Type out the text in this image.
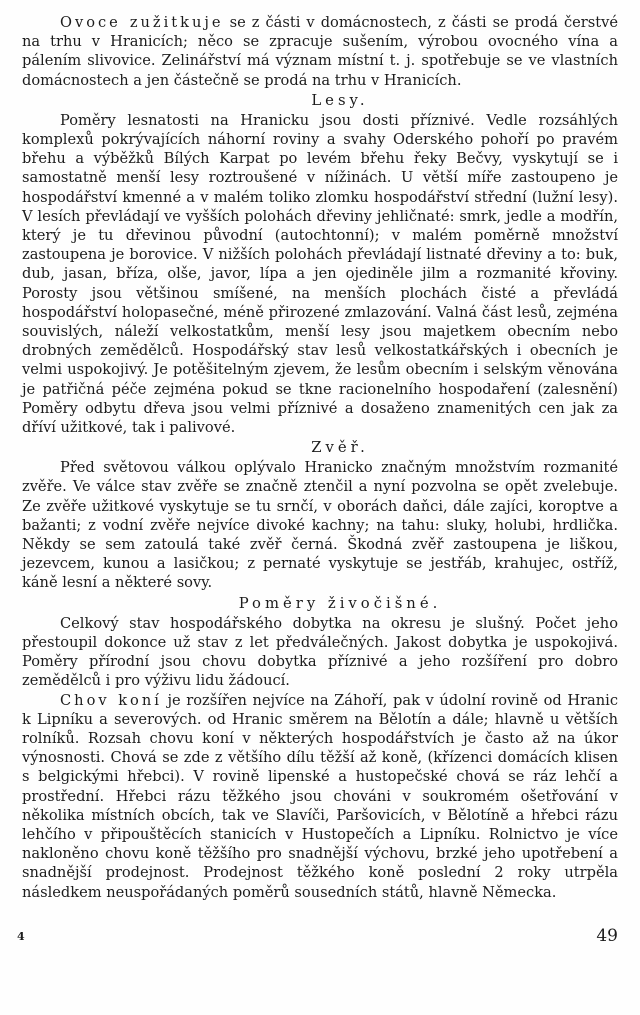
Ovoce zužitkuje se z části v domácnostech, z části se prodá čerstvé na trhu v Hranicích; něco se zpracuje sušením, výrobou ovocného vína a pálením slivovice. Zelinářství má význam místní t. j. spotřebuje se ve vlastních domácnostech a jen částečně se prodá na trhu v Hranicích.

Lesy.

Poměry lesnatosti na Hranicku jsou dosti příznivé. Vedle rozsáhlých komplexů pokrývajících náhorní roviny a svahy Oderského pohoří po pravém břehu a výběžků Bílých Karpat po levém břehu řeky Bečvy, vyskytují se i samostatně menší lesy roztroušené v nížinách. U větší míře zastoupeno je hospodářství kmenné a v malém toliko zlomku hospodářství střední (lužní lesy). V lesích převládají ve vyšších polohách dřeviny jehličnaté: smrk, jedle a modřín, který je tu dřevinou původní (autochtonní); v malém poměrně množství zastoupena je borovice. V nižších polohách převládají listnaté dřeviny a to: buk, dub, jasan, bříza, olše, javor, lípa a jen ojediněle jilm a rozmanité křoviny. Porosty jsou většinou smíšené, na menších plochách čisté a převládá hospodářství holopasečné, méně přirozené zmlazování. Valná část lesů, zejména souvislých, náleží velkostatkům, menší lesy jsou majetkem obecním nebo drobných zemědělců. Hospodářský stav lesů velkostatkářských i obecních je velmi uspokojivý. Je potěšitelným zjevem, že lesům obecním i selským věnována je patřičná péče zejména pokud se tkne racionelního hospodaření (zalesnění) Poměry odbytu dřeva jsou velmi příznivé a dosaženo znamenitých cen jak za dříví užitkové, tak i palivové.

Zvěř.

Před světovou válkou oplývalo Hranicko značným množstvím rozmanité zvěře. Ve válce stav zvěře se značně ztenčil a nyní pozvolna se opět zvelebuje. Ze zvěře užitkové vyskytuje se tu srnčí, v oborách daňci, dále zajíci, koroptve a bažanti; z vodní zvěře nejvíce divoké kachny; na tahu: sluky, holubi, hrdlička. Někdy se sem zatoulá také zvěř černá. Škodná zvěř zastoupena je liškou, jezevcem, kunou a lasičkou; z pernaté vyskytuje se jestřáb, krahujec, ostříž, káně lesní a některé sovy.

Poměry živočišné.

Celkový stav hospodářského dobytka na okresu je slušný. Počet jeho přestoupil dokonce už stav z let předválečných. Jakost dobytka je uspokojivá. Poměry přírodní jsou chovu dobytka příznivé a jeho rozšíření pro dobro zemědělců i pro výživu lidu žádoucí.

Chov koní je rozšířen nejvíce na Záhoří, pak v údolní rovině od Hranic k Lipníku a severových. od Hranic směrem na Bělotín a dále; hlavně u větších rolníků. Rozsah chovu koní v některých hospodářstvích je často až na úkor výnosnosti. Chová se zde z většího dílu těžší až koně, (křízenci domácích klisen s belgickými hřebci). V rovině lipenské a hustopečské chová se ráz lehčí a prostřední. Hřebci rázu těžkého jsou chováni v soukromém ošetřování v několika místních obcích, tak ve Slavíči, Paršovicích, v Bělotíně a hřebci rázu lehčího v připouštěcích stanicích v Hustopečích a Lipníku. Rolnictvo je více nakloněno chovu koně těžšího pro snadnější výchovu, brzké jeho upotřebení a snadnější prodejnost. Prodejnost těžkého koně poslední 2 roky utrpěla následkem neuspořádaných poměrů sousedních států, hlavně Německa.

4	49
